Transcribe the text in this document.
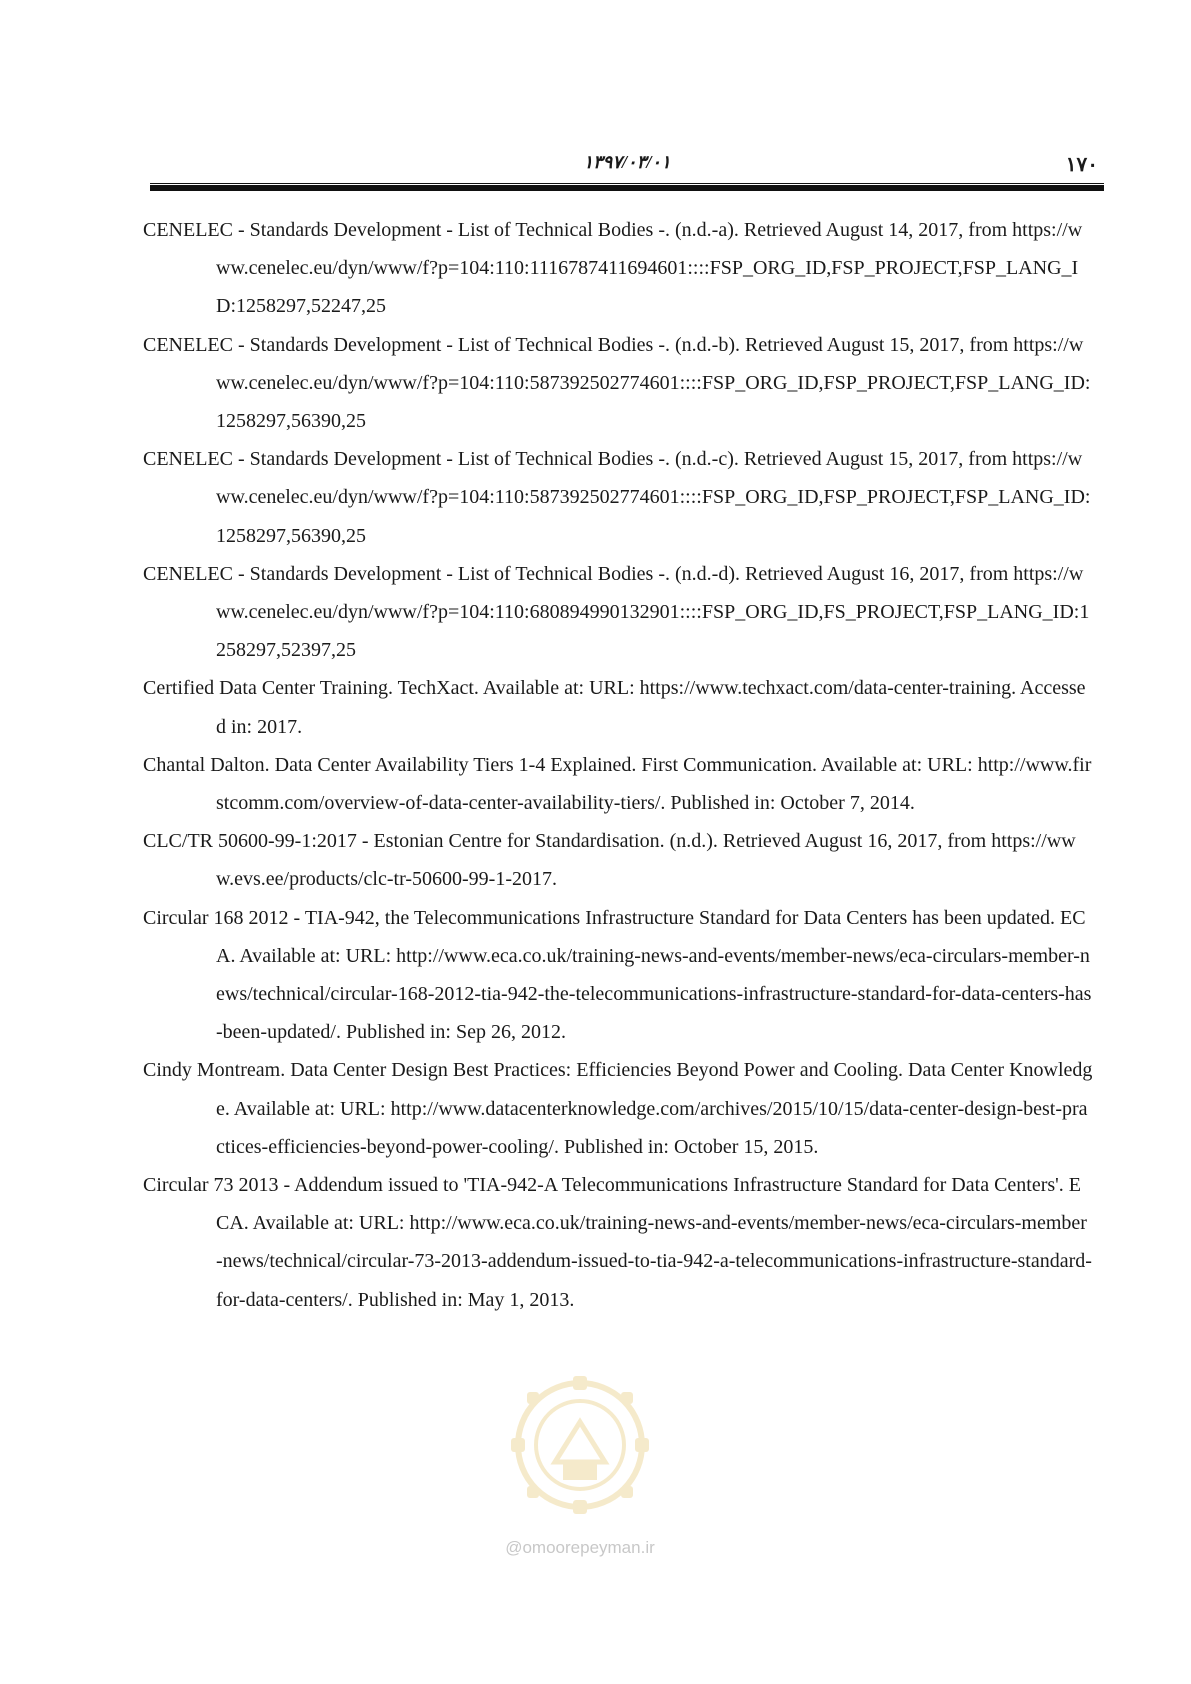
۱۳۹۷/۰۳/۰۱	۱۷۰
CENELEC - Standards Development - List of Technical Bodies -. (n.d.-a). Retrieved August 14, 2017, from https://www.cenelec.eu/dyn/www/f?p=104:110:1116787411694601::::FSP_ORG_ID,FSP_PROJECT,FSP_LANG_ID:1258297,52247,25
CENELEC - Standards Development - List of Technical Bodies -. (n.d.-b). Retrieved August 15, 2017, from https://www.cenelec.eu/dyn/www/f?p=104:110:587392502774601::::FSP_ORG_ID,FSP_PROJECT,FSP_LANG_ID:1258297,56390,25
CENELEC - Standards Development - List of Technical Bodies -. (n.d.-c). Retrieved August 15, 2017, from https://www.cenelec.eu/dyn/www/f?p=104:110:587392502774601::::FSP_ORG_ID,FSP_PROJECT,FSP_LANG_ID:1258297,56390,25
CENELEC - Standards Development - List of Technical Bodies -. (n.d.-d). Retrieved August 16, 2017, from https://www.cenelec.eu/dyn/www/f?p=104:110:680894990132901::::FSP_ORG_ID,FS_PROJECT,FSP_LANG_ID:1258297,52397,25
Certified Data Center Training. TechXact. Available at: URL: https://www.techxact.com/data-center-training. Accessed in: 2017.
Chantal Dalton. Data Center Availability Tiers 1-4 Explained. First Communication. Available at: URL: http://www.firstcomm.com/overview-of-data-center-availability-tiers/. Published in: October 7, 2014.
CLC/TR 50600-99-1:2017 - Estonian Centre for Standardisation. (n.d.). Retrieved August 16, 2017, from https://www.evs.ee/products/clc-tr-50600-99-1-2017.
Circular 168 2012 - TIA-942, the Telecommunications Infrastructure Standard for Data Centers has been updated. ECA. Available at: URL: http://www.eca.co.uk/training-news-and-events/member-news/eca-circulars-member-news/technical/circular-168-2012-tia-942-the-telecommunications-infrastructure-standard-for-data-centers-has-been-updated/. Published in: Sep 26, 2012.
Cindy Montream. Data Center Design Best Practices: Efficiencies Beyond Power and Cooling. Data Center Knowledge. Available at: URL: http://www.datacenterknowledge.com/archives/2015/10/15/data-center-design-best-practices-efficiencies-beyond-power-cooling/. Published in: October 15, 2015.
Circular 73 2013 - Addendum issued to 'TIA-942-A Telecommunications Infrastructure Standard for Data Centers'. ECA. Available at: URL: http://www.eca.co.uk/training-news-and-events/member-news/eca-circulars-member-news/technical/circular-73-2013-addendum-issued-to-tia-942-a-telecommunications-infrastructure-standard-for-data-centers/. Published in: May 1, 2013.
@omoorepeyman.ir
